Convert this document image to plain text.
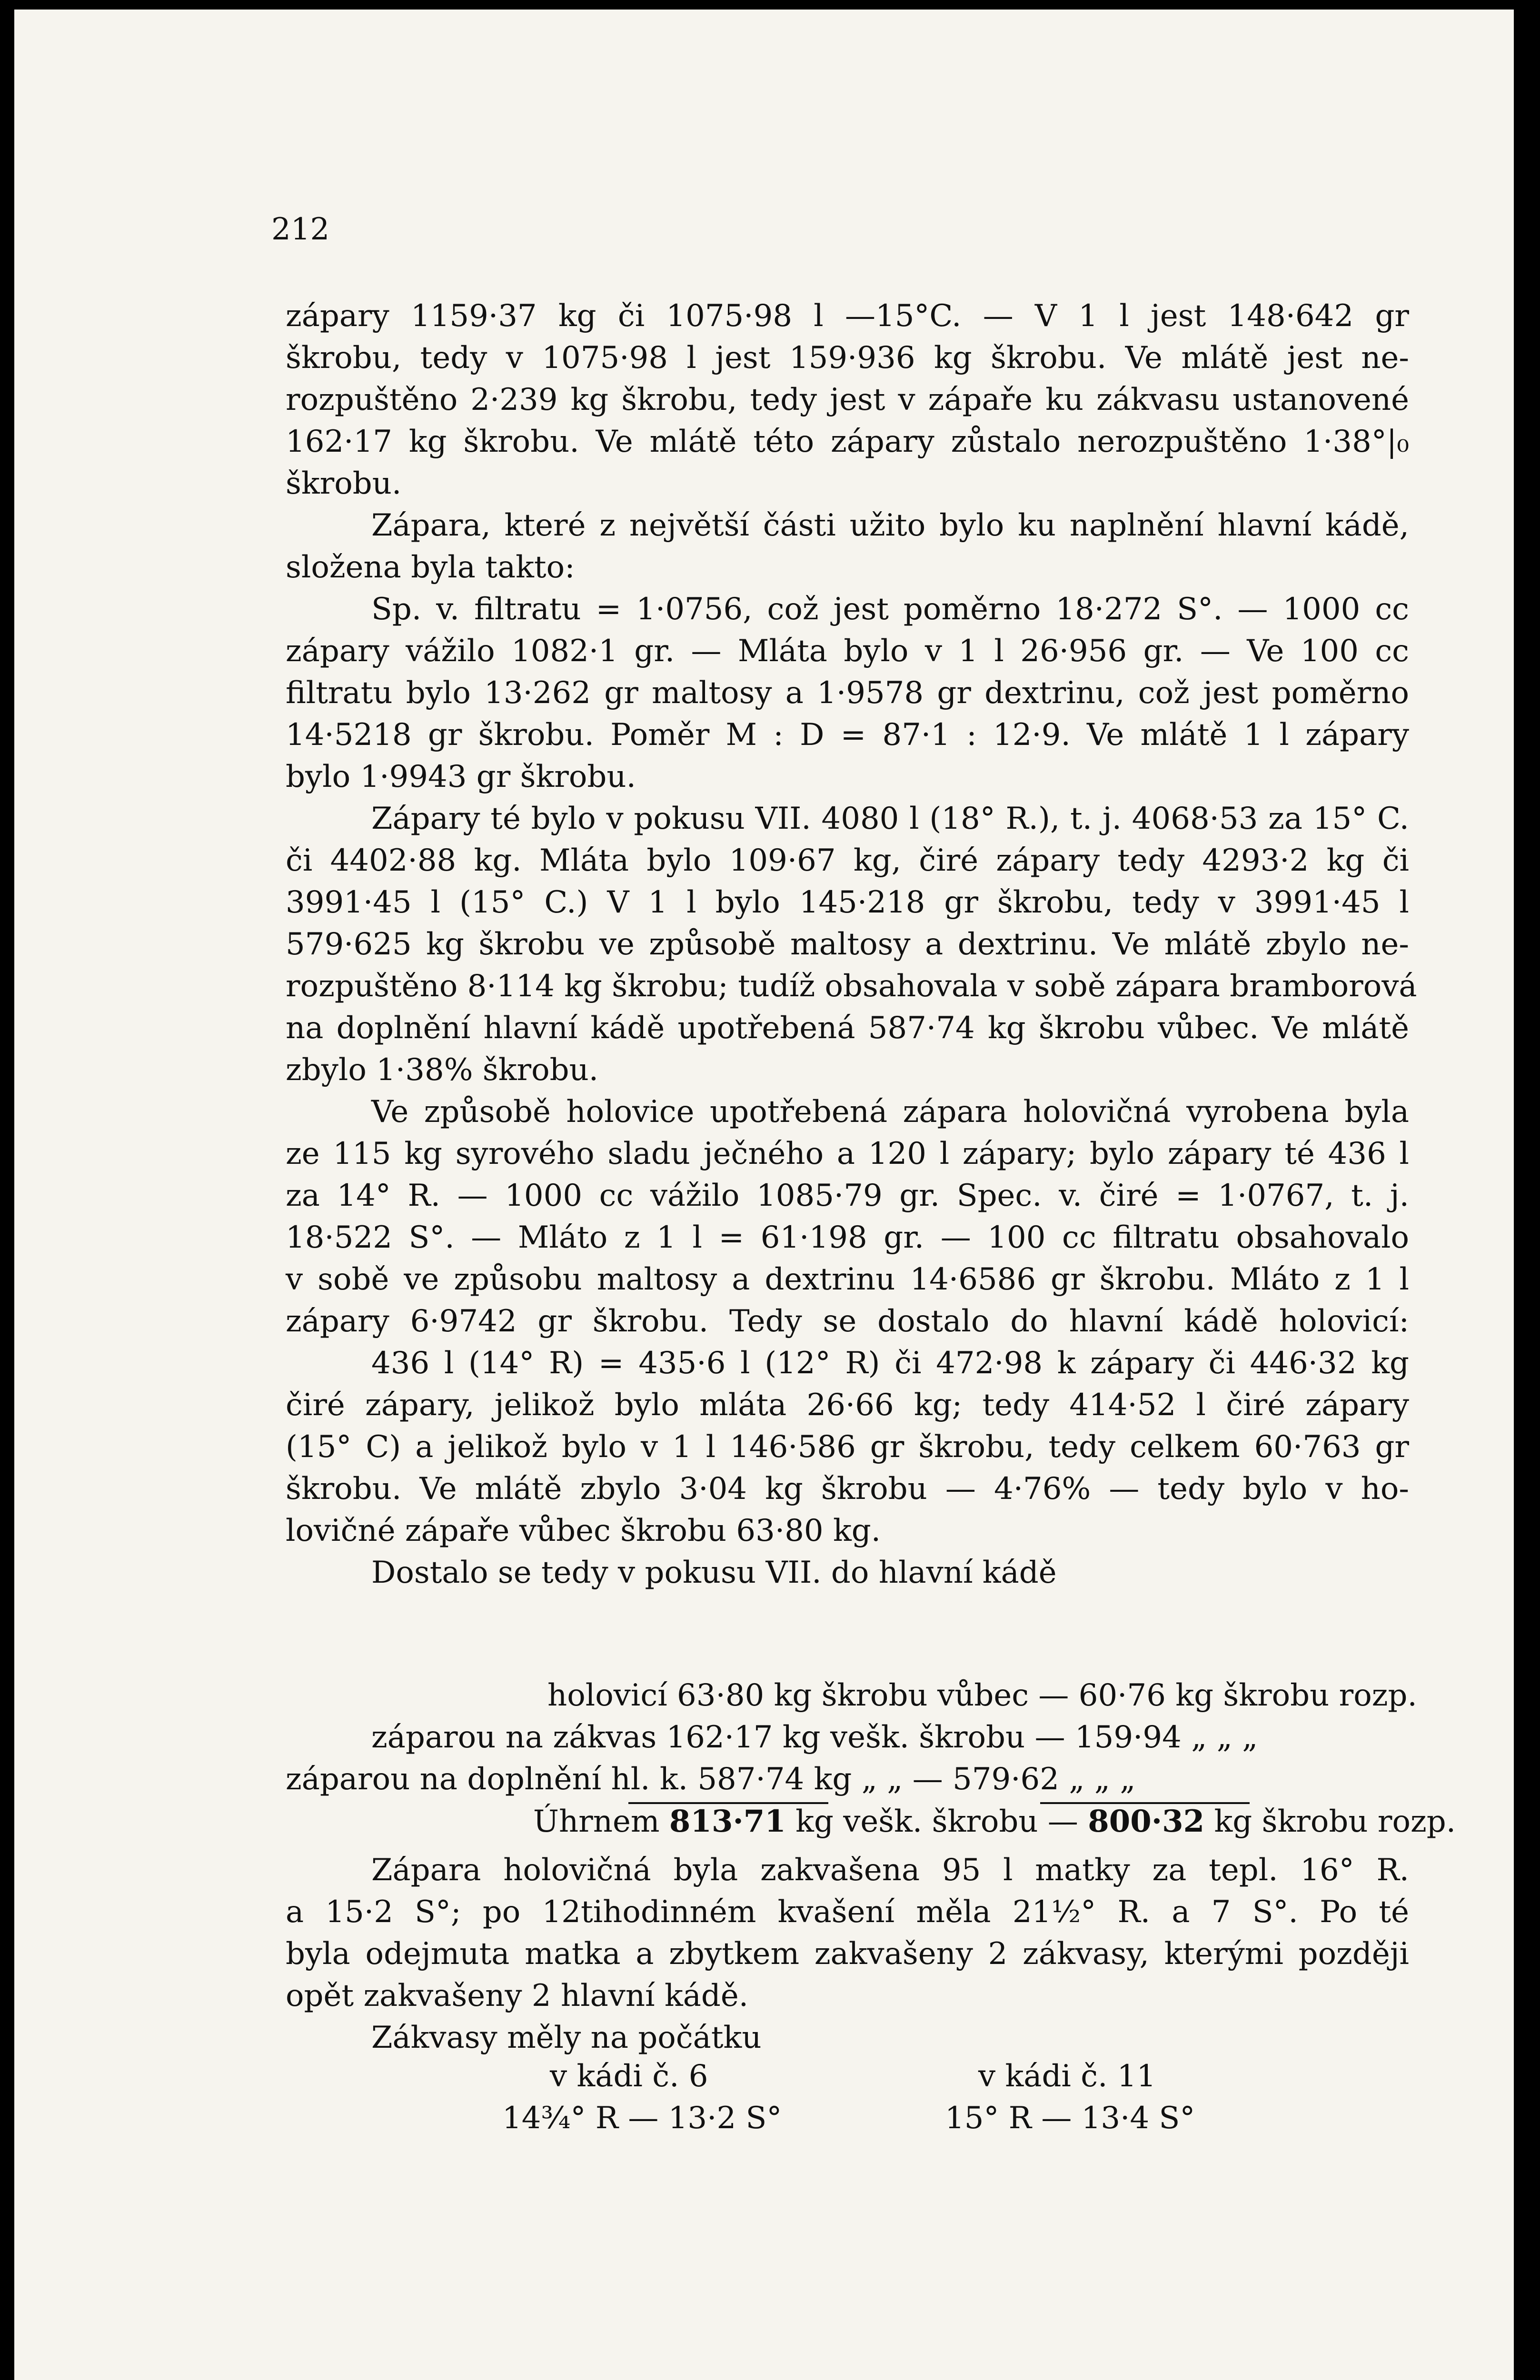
212
zápary 1159·37 kg či 1075·98 l —15°C. — V 1 l jest 148·642 gr
škrobu, tedy v 1075·98 l jest 159·936 kg škrobu. Ve mlátě jest ne-
rozpuštěno 2·239 kg škrobu, tedy jest v zápaře ku zákvasu ustanovené
162·17 kg škrobu. Ve mlátě této zápary zůstalo nerozpuštěno 1·38°|₀
škrobu.
Zápara, které z největší části užito bylo ku naplnění hlavní kádě,
složena byla takto:
Sp. v. filtratu = 1·0756, což jest poměrno 18·272 S°. — 1000 cc
zápary vážilo 1082·1 gr. — Mláta bylo v 1 l 26·956 gr. — Ve 100 cc
filtratu bylo 13·262 gr maltosy a 1·9578 gr dextrinu, což jest poměrno
14·5218 gr škrobu. Poměr M : D = 87·1 : 12·9. Ve mlátě 1 l zápary
bylo 1·9943 gr škrobu.
Zápary té bylo v pokusu VII. 4080 l (18° R.), t. j. 4068·53 za 15° C.
či 4402·88 kg. Mláta bylo 109·67 kg, čiré zápary tedy 4293·2 kg či
3991·45 l (15° C.) V 1 l bylo 145·218 gr škrobu, tedy v 3991·45 l
579·625 kg škrobu ve způsobě maltosy a dextrinu. Ve mlátě zbylo ne-
rozpuštěno 8·114 kg škrobu; tudíž obsahovala v sobě zápara bramborová
na doplnění hlavní kádě upotřebená 587·74 kg škrobu vůbec. Ve mlátě
zbylo 1·38% škrobu.
Ve způsobě holovice upotřebená zápara holovičná vyrobena byla
ze 115 kg syrového sladu ječného a 120 l zápary; bylo zápary té 436 l
za 14° R. — 1000 cc vážilo 1085·79 gr. Spec. v. čiré = 1·0767, t. j.
18·522 S°. — Mláto z 1 l = 61·198 gr. — 100 cc filtratu obsahovalo
v sobě ve způsobu maltosy a dextrinu 14·6586 gr škrobu. Mláto z 1 l
zápary 6·9742 gr škrobu. Tedy se dostalo do hlavní kádě holovicí:
436 l (14° R) = 435·6 l (12° R) či 472·98 k zápary či 446·32 kg
čiré zápary, jelikož bylo mláta 26·66 kg; tedy 414·52 l čiré zápary
(15° C) a jelikož bylo v 1 l 146·586 gr škrobu, tedy celkem 60·763 gr
škrobu. Ve mlátě zbylo 3·04 kg škrobu — 4·76% — tedy bylo v ho-
lovičné zápaře vůbec škrobu 63·80 kg.
Dostalo se tedy v pokusu VII. do hlavní kádě
holovicí 63·80 kg škrobu vůbec — 60·76 kg škrobu rozp.
záparou na zákvas 162·17 kg vešk. škrobu — 159·94 „ „ „
záparou na doplnění hl. k. 587·74 kg „ „ — 579·62 „ „ „
Úhrnem 813·71 kg vešk. škrobu — 800·32 kg škrobu rozp.
Zápara holovičná byla zakvašena 95 l matky za tepl. 16° R.
a 15·2 S°; po 12tihodinném kvašení měla 21½° R. a 7 S°. Po té
byla odejmuta matka a zbytkem zakvašeny 2 zákvasy, kterými později
opět zakvašeny 2 hlavní kádě.
Zákvasy měly na počátku
v kádi č. 6
14¾° R — 13·2 S°
v kádi č. 11
15° R — 13·4 S°
